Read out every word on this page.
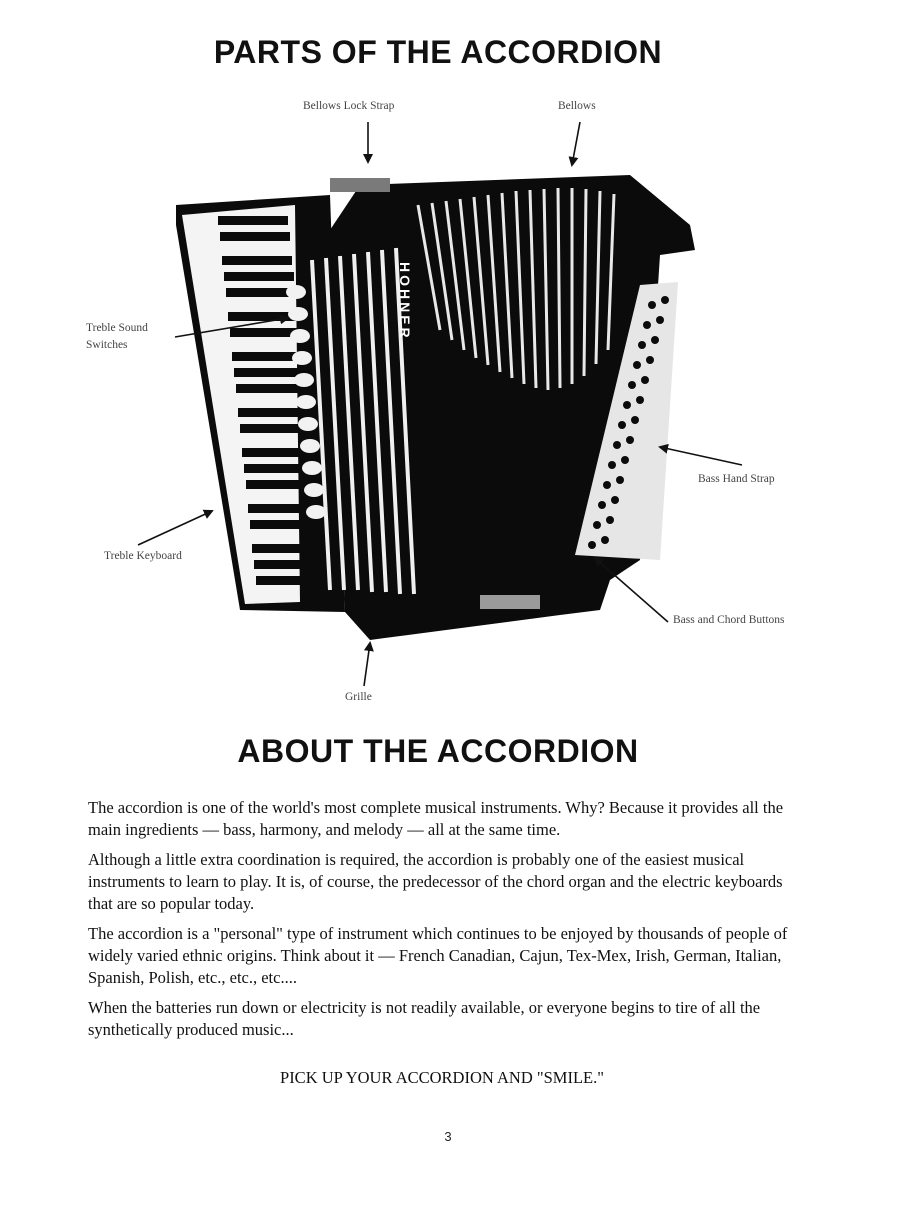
PARTS OF THE ACCORDION
HOHNER
Bellows Lock Strap	Bellows
Treble Sound
Switches
Bass Hand Strap
Treble Keyboard
Bass and Chord Buttons
Grille
ABOUT THE ACCORDION

The accordion is one of the world's most complete musical instruments. Why? Because it provides all the main ingredients — bass, harmony, and melody — all at the same time.

Although a little extra coordination is required, the accordion is probably one of the easiest musical instruments to learn to play. It is, of course, the predecessor of the chord organ and the electric keyboards that are so popular today.

The accordion is a "personal" type of instrument which continues to be enjoyed by thousands of people of widely varied ethnic origins. Think about it — French Canadian, Cajun, Tex-Mex, Irish, German, Italian, Spanish, Polish, etc., etc., etc....

When the batteries run down or electricity is not readily available, or everyone begins to tire of all the synthetically produced music...

PICK UP YOUR ACCORDION AND "SMILE."
3
